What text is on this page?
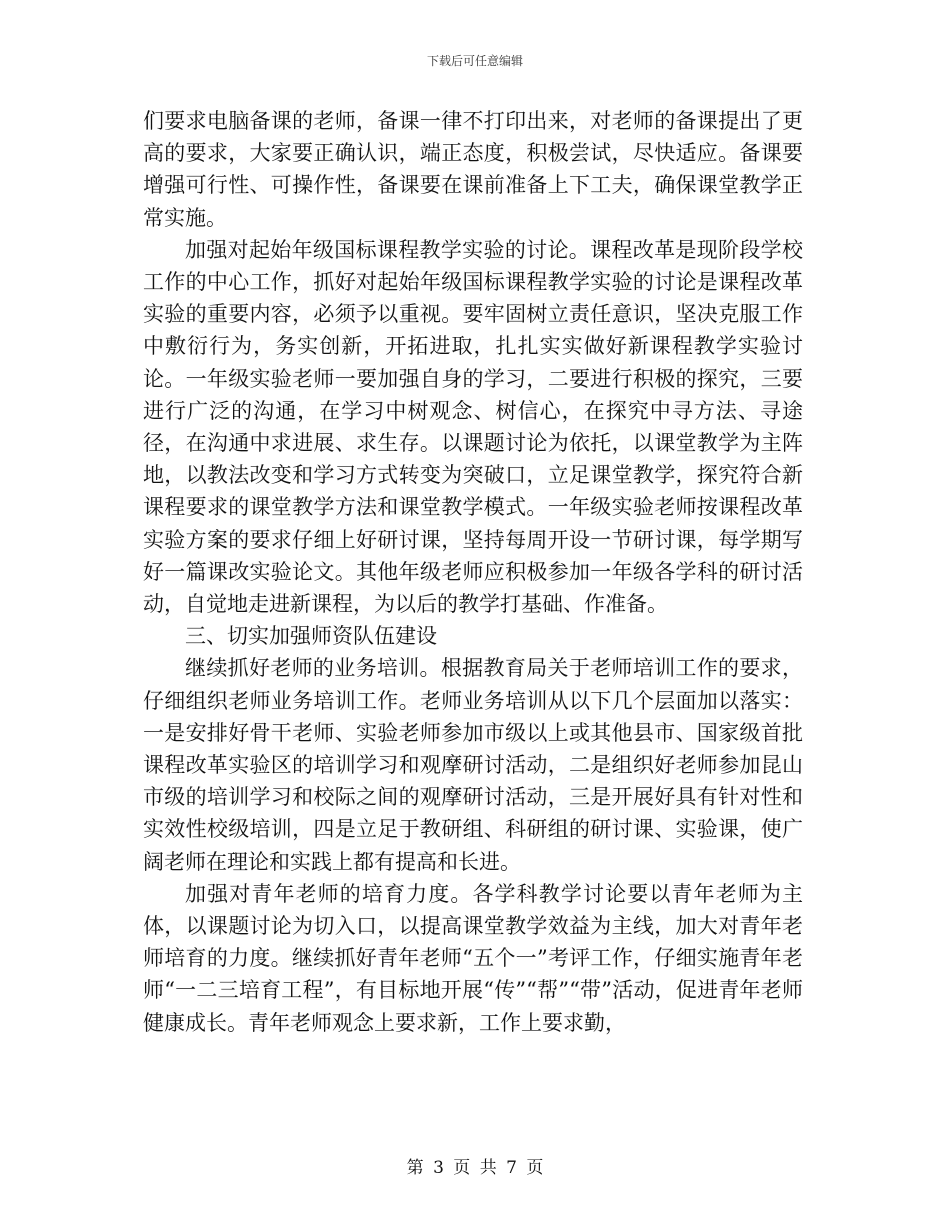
下载后可任意编辑

们要求电脑备课的老师，备课一律不打印出来，对老师的备课提出了更高的要求，大家要正确认识，端正态度，积极尝试，尽快适应。备课要增强可行性、可操作性，备课要在课前准备上下工夫，确保课堂教学正常实施。

加强对起始年级国标课程教学实验的讨论。课程改革是现阶段学校工作的中心工作，抓好对起始年级国标课程教学实验的讨论是课程改革实验的重要内容，必须予以重视。要牢固树立责任意识，坚决克服工作中敷衍行为，务实创新，开拓进取，扎扎实实做好新课程教学实验讨论。一年级实验老师一要加强自身的学习，二要进行积极的探究，三要进行广泛的沟通，在学习中树观念、树信心，在探究中寻方法、寻途径，在沟通中求进展、求生存。以课题讨论为依托，以课堂教学为主阵地，以教法改变和学习方式转变为突破口，立足课堂教学，探究符合新课程要求的课堂教学方法和课堂教学模式。一年级实验老师按课程改革实验方案的要求仔细上好研讨课，坚持每周开设一节研讨课，每学期写好一篇课改实验论文。其他年级老师应积极参加一年级各学科的研讨活动，自觉地走进新课程，为以后的教学打基础、作准备。

三、切实加强师资队伍建设

继续抓好老师的业务培训。根据教育局关于老师培训工作的要求，仔细组织老师业务培训工作。老师业务培训从以下几个层面加以落实：一是安排好骨干老师、实验老师参加市级以上或其他县市、国家级首批课程改革实验区的培训学习和观摩研讨活动，二是组织好老师参加昆山市级的培训学习和校际之间的观摩研讨活动，三是开展好具有针对性和实效性校级培训，四是立足于教研组、科研组的研讨课、实验课，使广阔老师在理论和实践上都有提高和长进。

加强对青年老师的培育力度。各学科教学讨论要以青年老师为主体，以课题讨论为切入口，以提高课堂教学效益为主线，加大对青年老师培育的力度。继续抓好青年老师“五个一”考评工作，仔细实施青年老师“一二三培育工程”，有目标地开展“传”“帮”“带”活动，促进青年老师健康成长。青年老师观念上要求新，工作上要求勤，

第 3 页 共 7 页
